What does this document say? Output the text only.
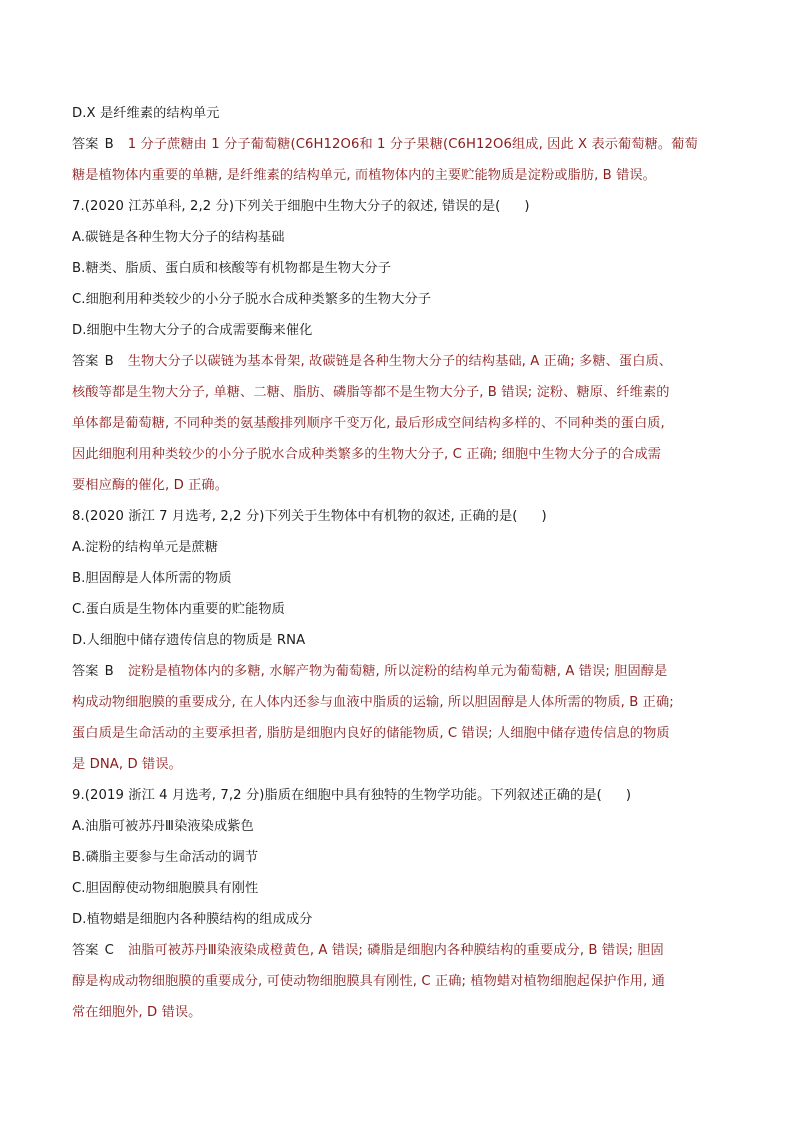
D.X 是纤维素的结构单元
答案 B 1 分子蔗糖由 1 分子葡萄糖(C6H12O6和 1 分子果糖(C6H12O6组成, 因此 X 表示葡萄糖。葡萄
糖是植物体内重要的单糖, 是纤维素的结构单元, 而植物体内的主要贮能物质是淀粉或脂肪, B 错误。
7.(2020 江苏单科, 2,2 分)下列关于细胞中生物大分子的叙述, 错误的是( )
A.碳链是各种生物大分子的结构基础
B.糖类、脂质、蛋白质和核酸等有机物都是生物大分子
C.细胞利用种类较少的小分子脱水合成种类繁多的生物大分子
D.细胞中生物大分子的合成需要酶来催化
答案 B 生物大分子以碳链为基本骨架, 故碳链是各种生物大分子的结构基础, A 正确; 多糖、蛋白质、
核酸等都是生物大分子, 单糖、二糖、脂肪、磷脂等都不是生物大分子, B 错误; 淀粉、糖原、纤维素的
单体都是葡萄糖, 不同种类的氨基酸排列顺序千变万化, 最后形成空间结构多样的、不同种类的蛋白质,
因此细胞利用种类较少的小分子脱水合成种类繁多的生物大分子, C 正确; 细胞中生物大分子的合成需
要相应酶的催化, D 正确。
8.(2020 浙江 7 月选考, 2,2 分)下列关于生物体中有机物的叙述, 正确的是( )
A.淀粉的结构单元是蔗糖
B.胆固醇是人体所需的物质
C.蛋白质是生物体内重要的贮能物质
D.人细胞中储存遗传信息的物质是 RNA
答案 B 淀粉是植物体内的多糖, 水解产物为葡萄糖, 所以淀粉的结构单元为葡萄糖, A 错误; 胆固醇是
构成动物细胞膜的重要成分, 在人体内还参与血液中脂质的运输, 所以胆固醇是人体所需的物质, B 正确;
蛋白质是生命活动的主要承担者, 脂肪是细胞内良好的储能物质, C 错误; 人细胞中储存遗传信息的物质
是 DNA, D 错误。
9.(2019 浙江 4 月选考, 7,2 分)脂质在细胞中具有独特的生物学功能。下列叙述正确的是( )
A.油脂可被苏丹Ⅲ染液染成紫色
B.磷脂主要参与生命活动的调节
C.胆固醇使动物细胞膜具有刚性
D.植物蜡是细胞内各种膜结构的组成成分
答案 C 油脂可被苏丹Ⅲ染液染成橙黄色, A 错误; 磷脂是细胞内各种膜结构的重要成分, B 错误; 胆固
醇是构成动物细胞膜的重要成分, 可使动物细胞膜具有刚性, C 正确; 植物蜡对植物细胞起保护作用, 通
常在细胞外, D 错误。
